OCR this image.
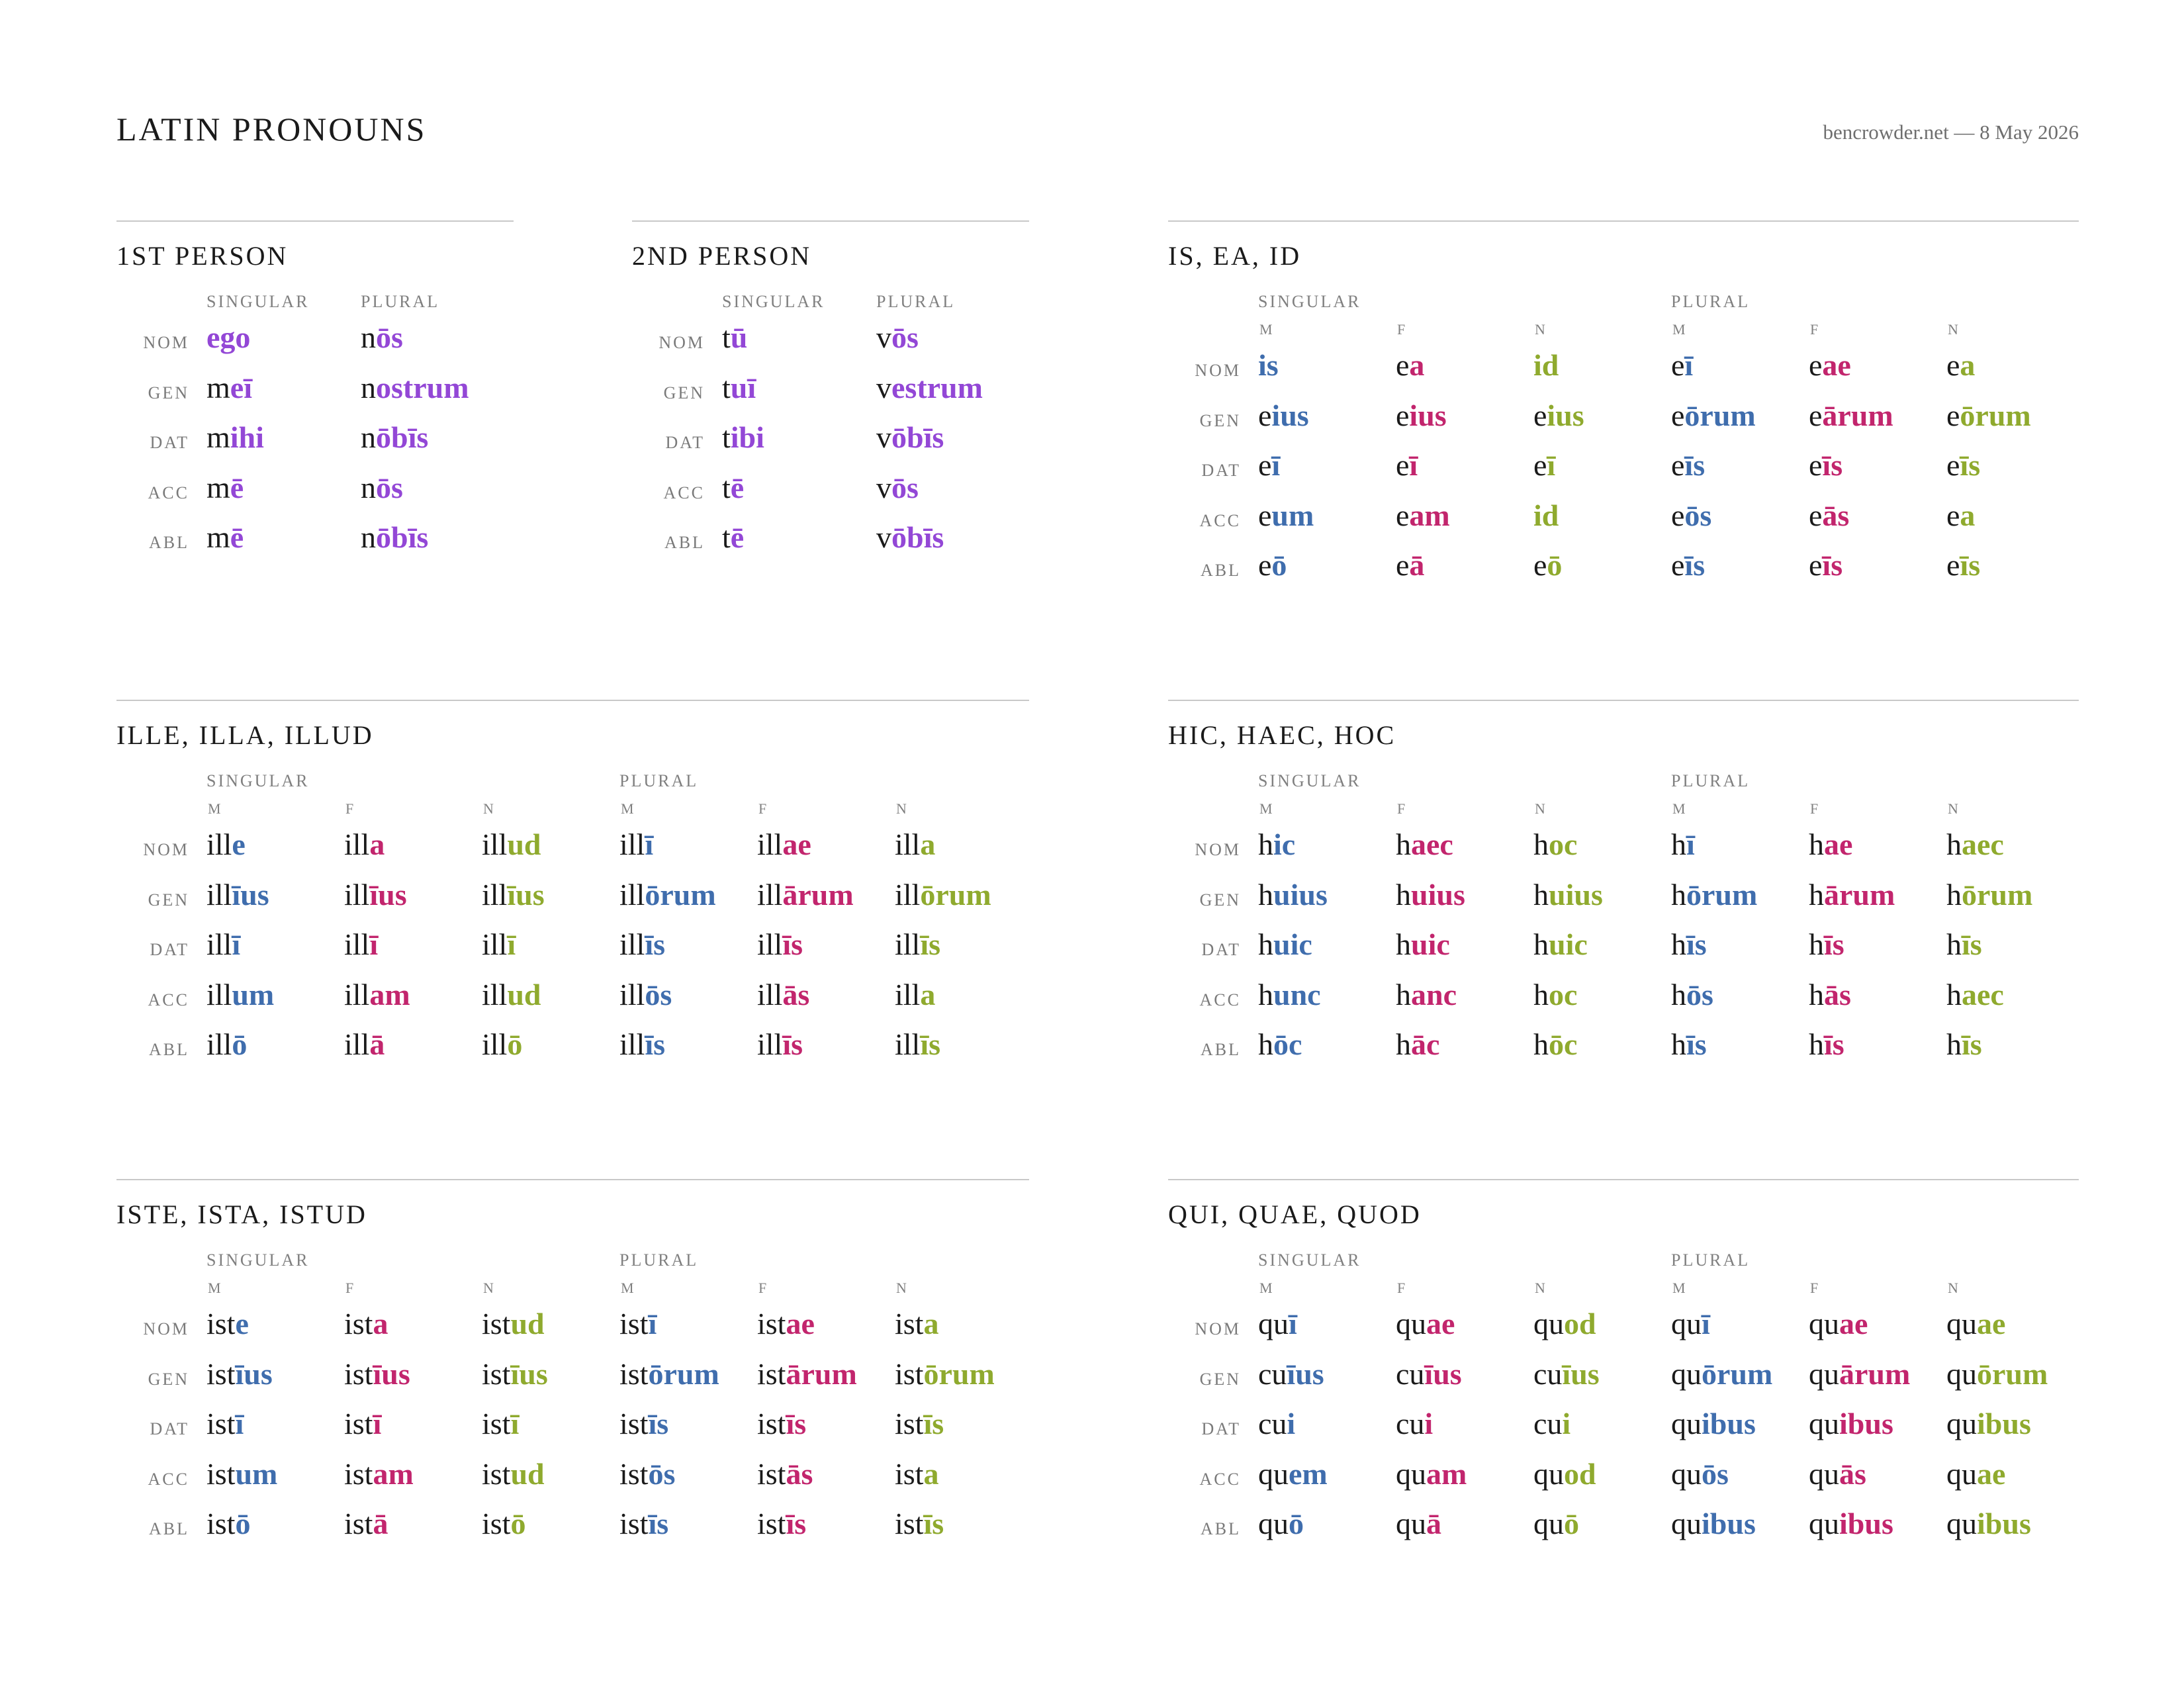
LATIN PRONOUNS	bencrowder.net — 8 May 2026
1ST PERSON
SINGULAR	PLURAL
NOM ego	nōs
GEN meī	nostrum
DAT mihi	nōbīs
ACC mē	nōs
ABL mē	nōbīs
2ND PERSON
SINGULAR	PLURAL
NOM tū	vōs
GEN tuī	vestrum
DAT tibi	vōbīs
ACC tē	vōs
ABL tē	vōbīs
IS, EA, ID
SINGULAR	PLURAL
M	F	N	M	F	N
NOM is	ea	id	eī	eae	ea
GEN eius	eius	eius	eōrum eārum eōrum
DAT eī	eī	eī	eīs	eīs	eīs
ACC eum	eam	id	eōs	eās	ea
ABL eō	eā	eō	eīs	eīs	eīs
ILLE, ILLA, ILLUD
SINGULAR	PLURAL
M	F	N	M	F	N
NOM ille	illa	illud	illī	illae	illa
GEN illīus illīus illīus illōrum illārum illōrum
DAT illī	illī	illī	illīs	illīs	illīs
ACC illum illam illud	illōs	illās	illa
ABL illō	illā	illō	illīs	illīs	illīs
HIC, HAEC, HOC
SINGULAR	PLURAL
M	F	N	M	F	N
NOM hic	haec	hoc	hī	hae	haec
GEN huius huius huius hōrum hārum hōrum
DAT huic	huic	huic	hīs	hīs	hīs
ACC hunc hanc	hoc	hōs	hās	haec
ABL hōc	hāc	hōc	hīs	hīs	hīs
ISTE, ISTA, ISTUD
SINGULAR	PLURAL
M	F	N	M	F	N
NOM iste	ista	istud istī	istae	ista
GEN istīus istīus istīus istōrum istārum istōrum
DAT istī	istī	istī	istīs	istīs	istīs
ACC istum istam istud istōs	istās	ista
ABL istō	istā	istō	istīs	istīs	istīs
QUI, QUAE, QUOD
SINGULAR	PLURAL
M	F	N	M	F	N
NOM quī	quae	quod quī	quae	quae
GEN cuīus cuīus cuīus quōrum quārum quōrum
DAT cui	cui	cui	quibus quibus quibus
ACC quem quam quod quōs	quās	quae
ABL quō	quā	quō	quibus quibus quibus
